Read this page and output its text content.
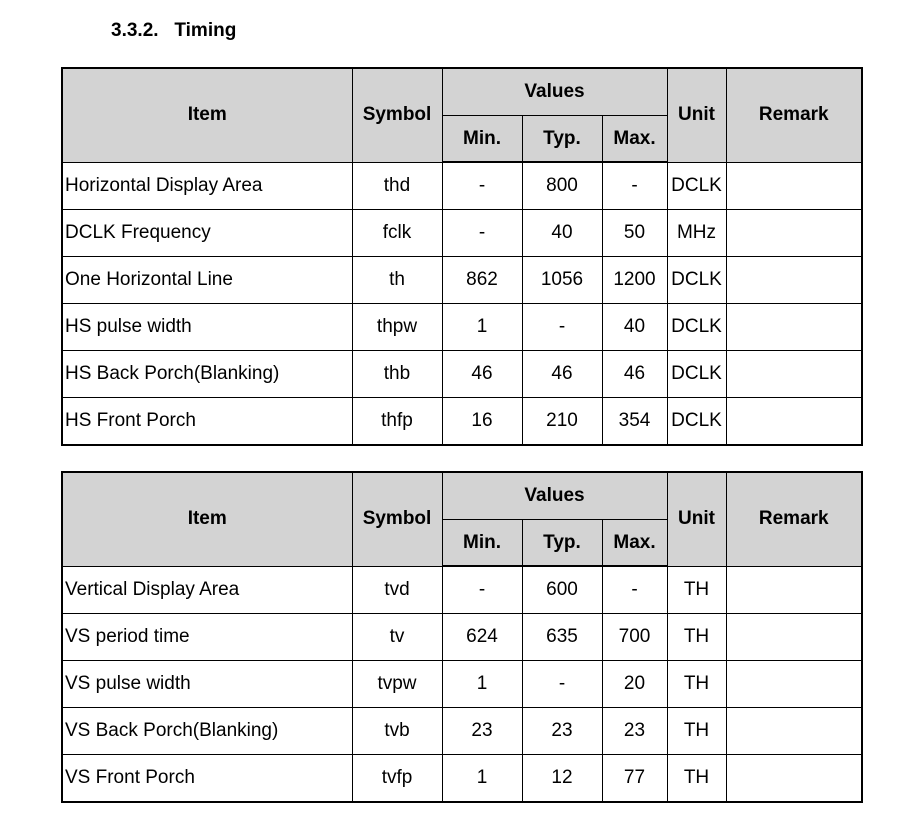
3.3.2. Timing
Item	Symbol	Values			Unit	Remark
		Min.	Typ.	Max.		
Horizontal Display Area	thd	-	800	-	DCLK	
DCLK Frequency	fclk	-	40	50	MHz	
One Horizontal Line	th	862	1056	1200	DCLK	
HS pulse width	thpw	1	-	40	DCLK	
HS Back Porch(Blanking)	thb	46	46	46	DCLK	
HS Front Porch	thfp	16	210	354	DCLK	
Item	Symbol	Values			Unit	Remark
		Min.	Typ.	Max.		
Vertical Display Area	tvd	-	600	-	TH	
VS period time	tv	624	635	700	TH	
VS pulse width	tvpw	1	-	20	TH	
VS Back Porch(Blanking)	tvb	23	23	23	TH	
VS Front Porch	tvfp	1	12	77	TH	
